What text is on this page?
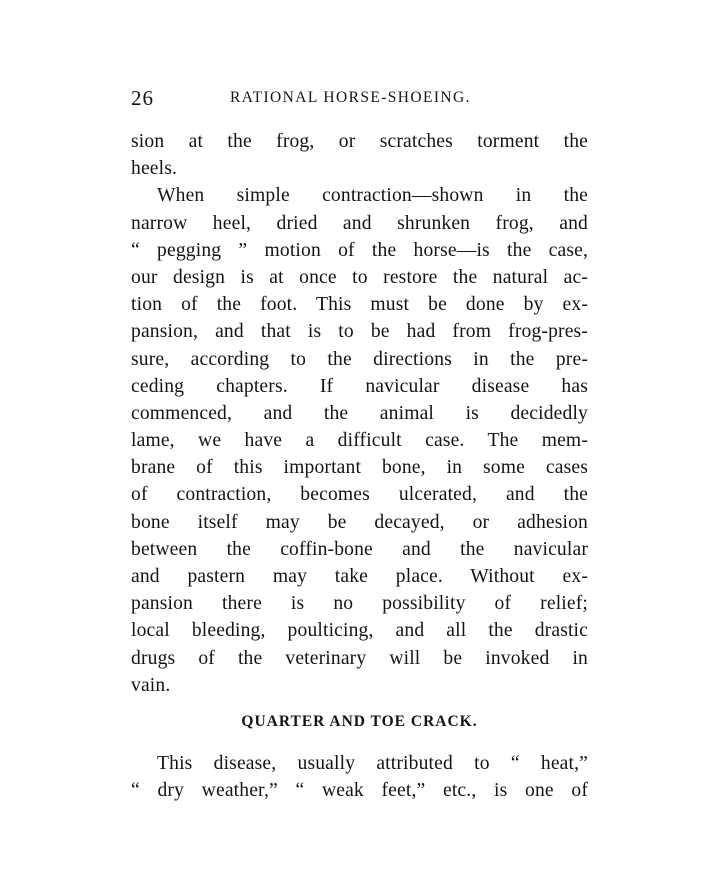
26	RATIONAL HORSE-SHOEING.
sion at the frog, or scratches torment the
heels.
When simple contraction—shown in the
narrow heel, dried and shrunken frog, and
“ pegging ” motion of the horse—is the case,
our design is at once to restore the natural ac-
tion of the foot. This must be done by ex-
pansion, and that is to be had from frog-pres-
sure, according to the directions in the pre-
ceding chapters. If navicular disease has
commenced, and the animal is decidedly
lame, we have a difficult case. The mem-
brane of this important bone, in some cases
of contraction, becomes ulcerated, and the
bone itself may be decayed, or adhesion
between the coffin-bone and the navicular
and pastern may take place. Without ex-
pansion there is no possibility of relief;
local bleeding, poulticing, and all the drastic
drugs of the veterinary will be invoked in
vain.
QUARTER AND TOE CRACK.
This disease, usually attributed to “ heat,”
“ dry weather,” “ weak feet,” etc., is one of
